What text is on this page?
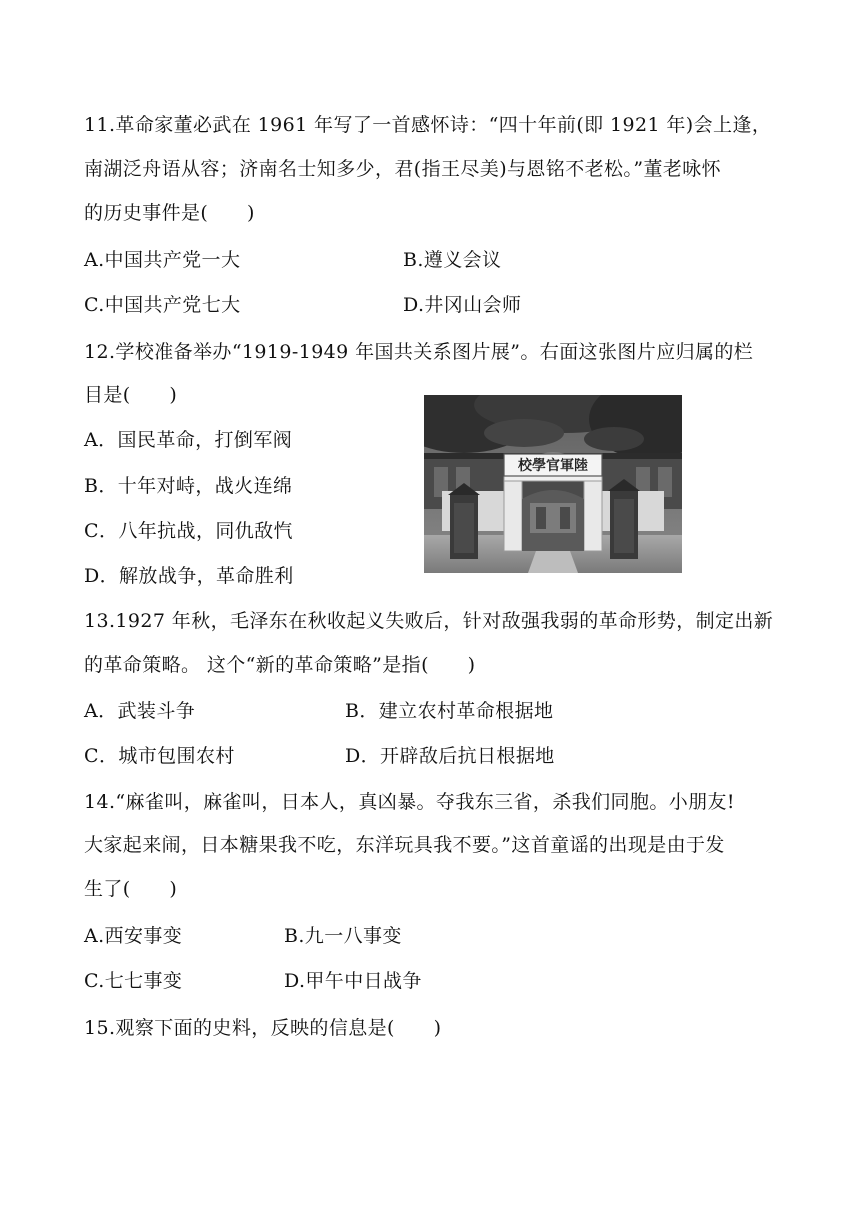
11.革命家董必武在 1961 年写了一首感怀诗：“四十年前(即 1921 年)会上逢，
南湖泛舟语从容；济南名士知多少，君(指王尽美)与恩铭不老松。”董老咏怀
的历史事件是(　　)
A.中国共产党一大	B.遵义会议
C.中国共产党七大	D.井冈山会师
12.学校准备举办“1919-1949 年国共关系图片展”。右面这张图片应归属的栏
目是(　　)
A．国民革命，打倒军阀
B．十年对峙，战火连绵
C．八年抗战，同仇敌忾
D．解放战争，革命胜利
校學官軍陸
13.1927 年秋，毛泽东在秋收起义失败后，针对敌强我弱的革命形势，制定出新
的革命策略。 这个“新的革命策略”是指(　　)
A．武装斗争	B．建立农村革命根据地
C．城市包围农村	D．开辟敌后抗日根据地
14.“麻雀叫，麻雀叫，日本人，真凶暴。夺我东三省，杀我们同胞。小朋友!
大家起来闹，日本糖果我不吃，东洋玩具我不要。”这首童谣的出现是由于发
生了(　　)
A.西安事变	B.九一八事变
C.七七事变	D.甲午中日战争
15.观察下面的史料，反映的信息是(　　)
